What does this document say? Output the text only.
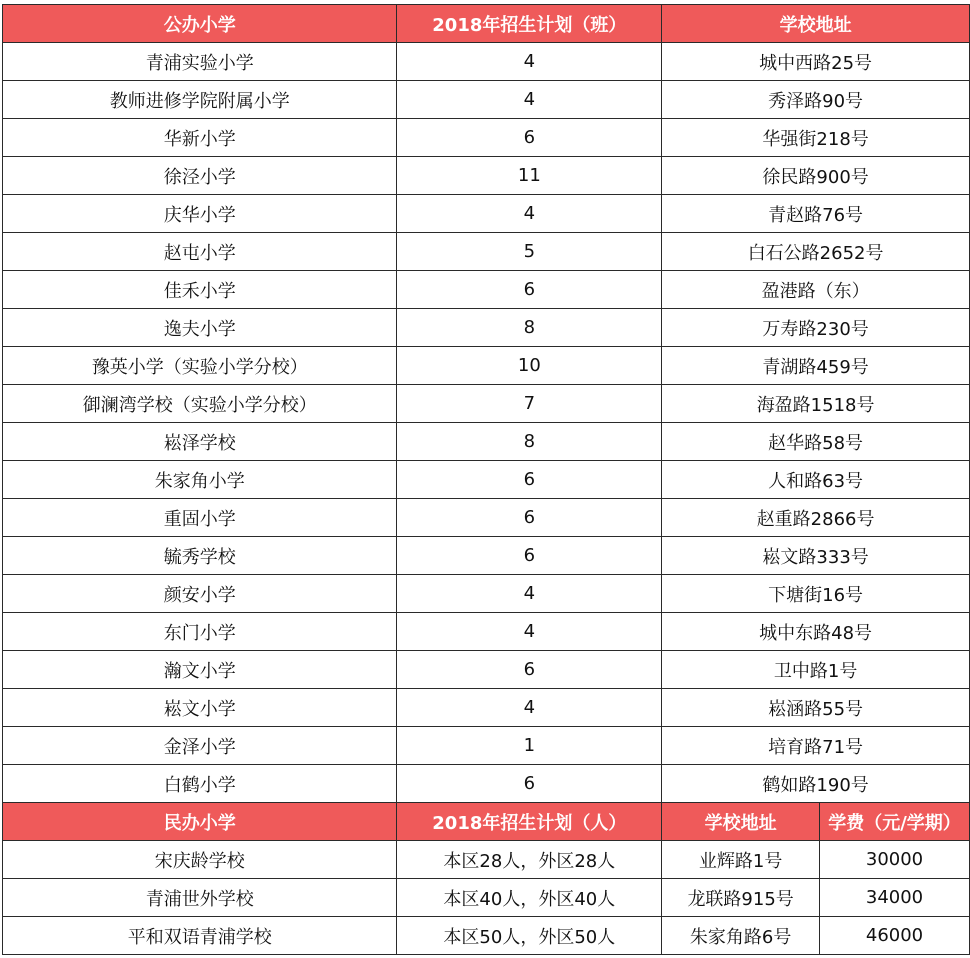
公办小学	2018年招生计划（班）	学校地址	
青浦实验小学	4	城中西路25号	
教师进修学院附属小学	4	秀泽路90号	
华新小学	6	华强街218号	
徐泾小学	11	徐民路900号	
庆华小学	4	青赵路76号	
赵屯小学	5	白石公路2652号	
佳禾小学	6	盈港路（东）	
逸夫小学	8	万寿路230号	
豫英小学（实验小学分校）	10	青湖路459号	
御澜湾学校（实验小学分校）	7	海盈路1518号	
崧泽学校	8	赵华路58号	
朱家角小学	6	人和路63号	
重固小学	6	赵重路2866号	
毓秀学校	6	崧文路333号	
颜安小学	4	下塘街16号	
东门小学	4	城中东路48号	
瀚文小学	6	卫中路1号	
崧文小学	4	崧涵路55号	
金泽小学	1	培育路71号	
白鹤小学	6	鹤如路190号	
民办小学	2018年招生计划（人）	学校地址	学费（元/学期）
宋庆龄学校	本区28人，外区28人	业辉路1号	30000
青浦世外学校	本区40人，外区40人	龙联路915号	34000
平和双语青浦学校	本区50人，外区50人	朱家角路6号	46000
